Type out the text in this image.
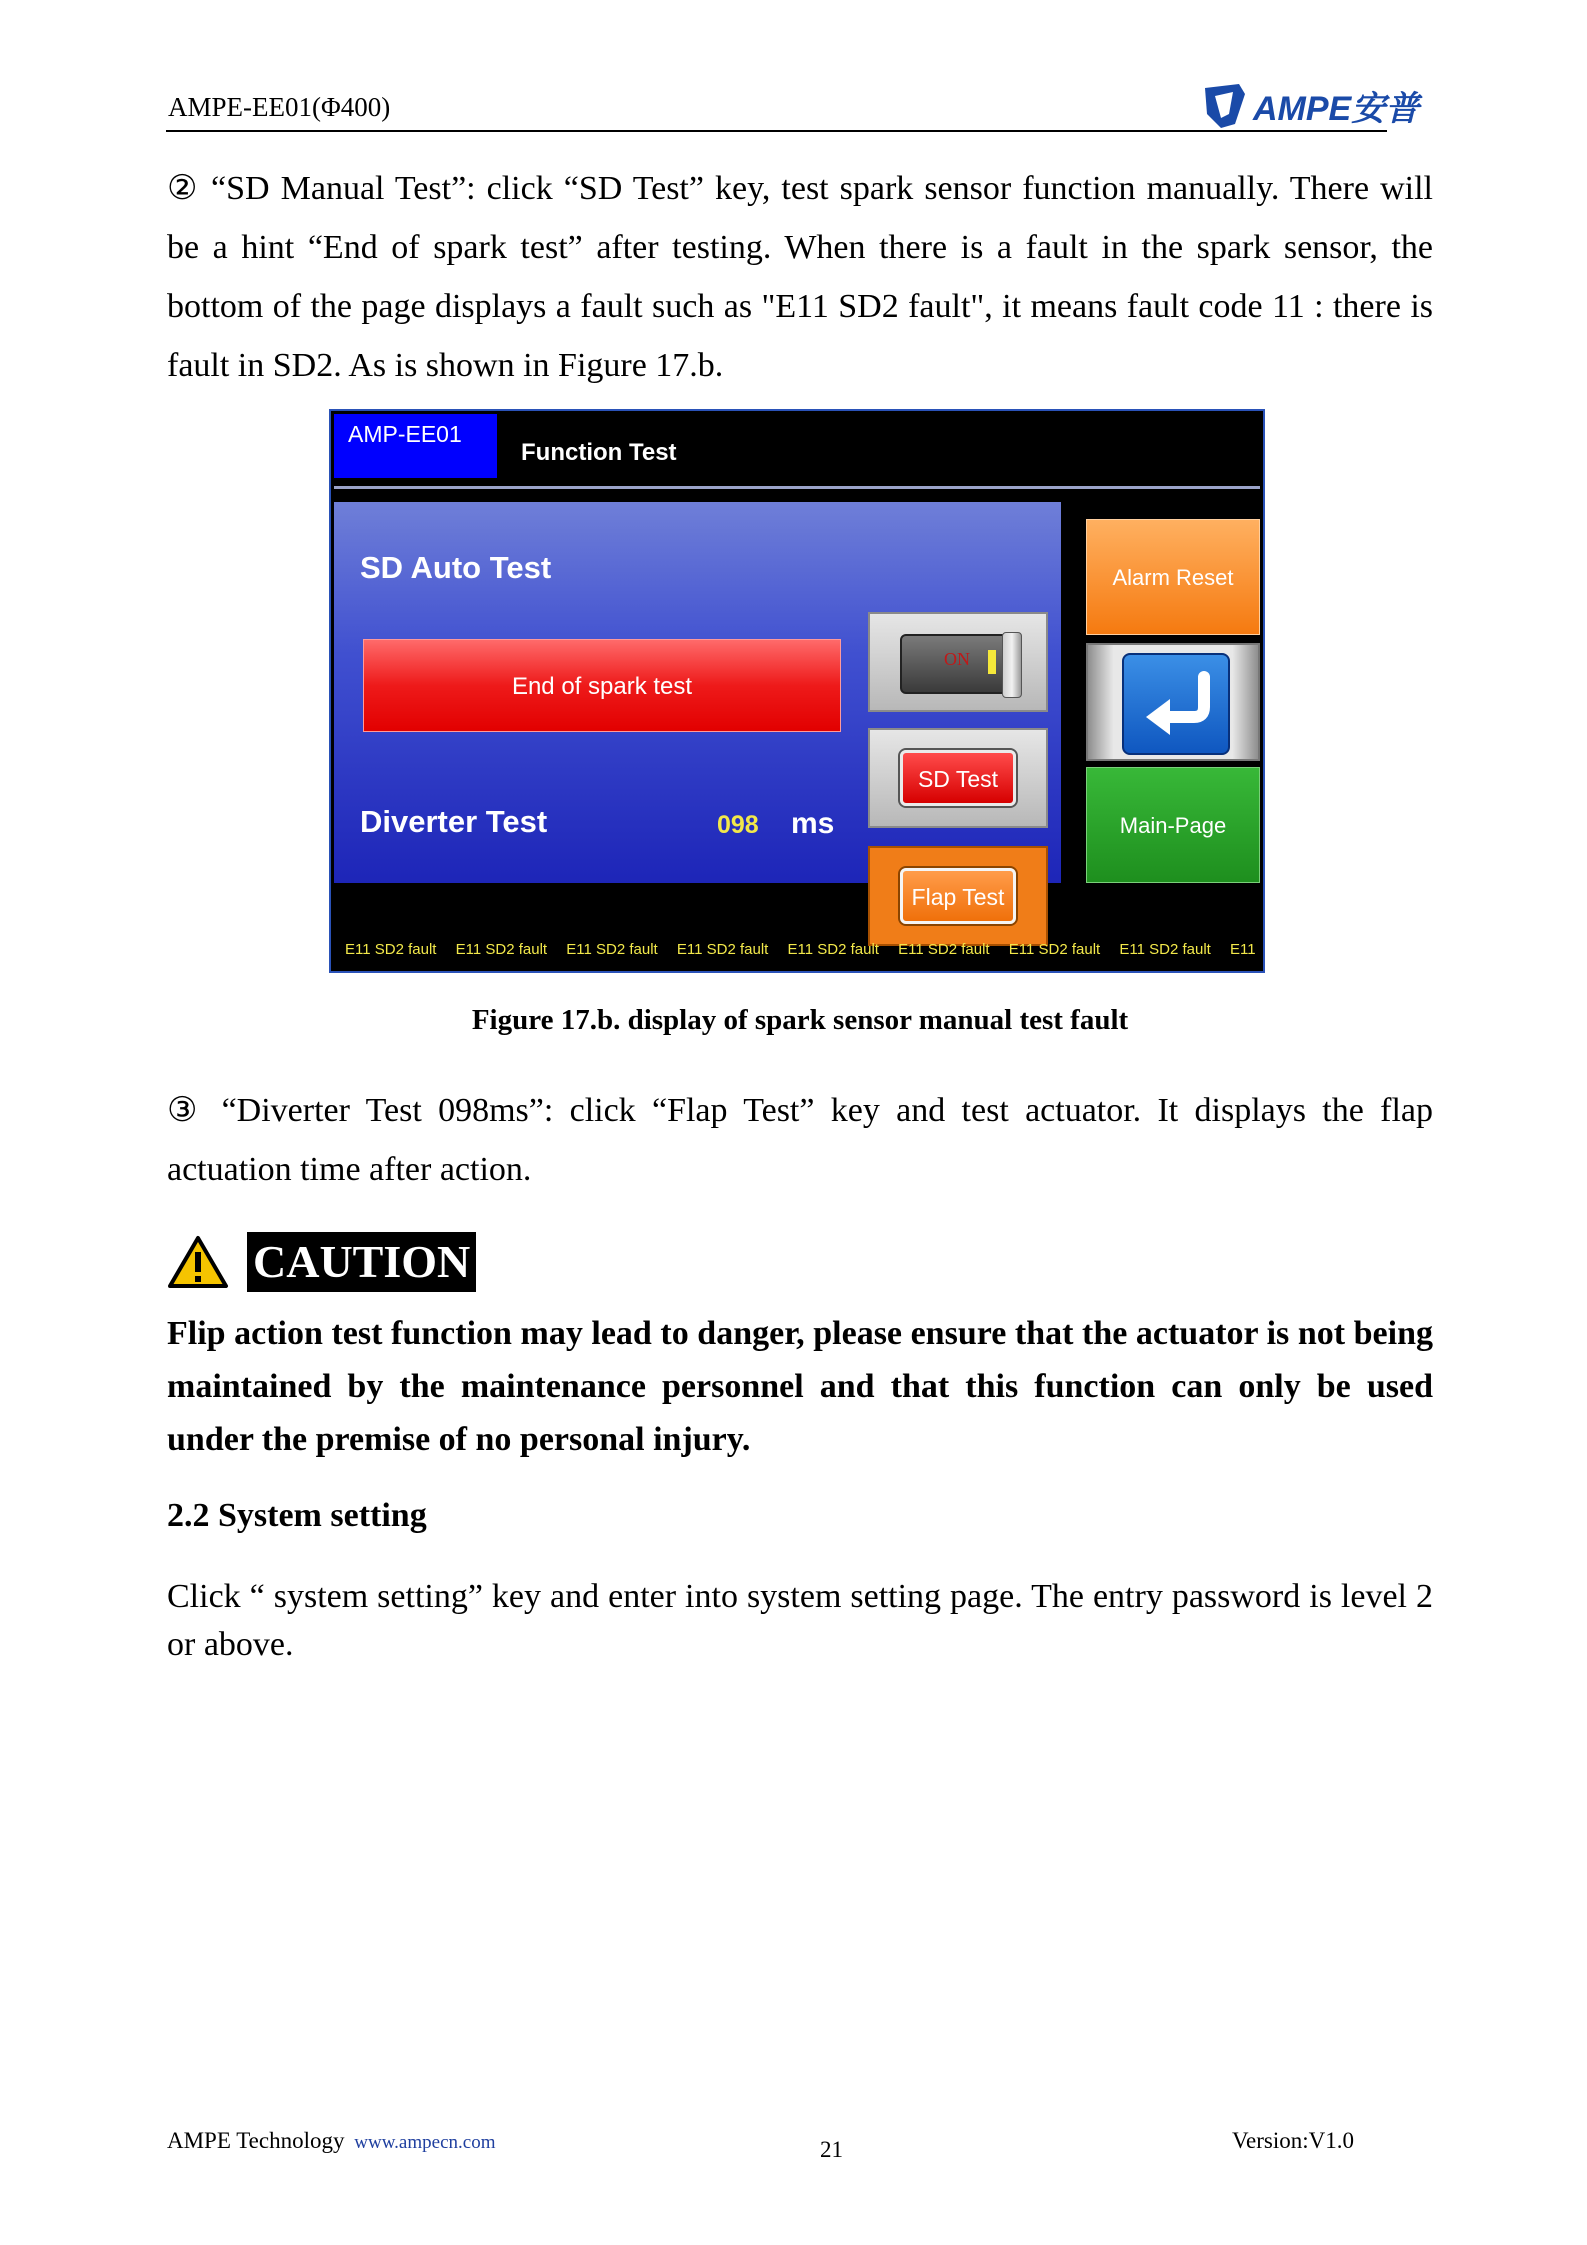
AMPE-EE01(Φ400)	AMPE安普
② “SD Manual Test”: click “SD Test” key, test spark sensor function manually. There will be a hint “End of spark test” after testing. When there is a fault in the spark sensor, the bottom of the page displays a fault such as "E11 SD2 fault", it means fault code 11 : there is fault in SD2. As is shown in Figure 17.b.
AMP-EE01
Function Test
SD Auto Test
End of spark test
Diverter Test	098 ms
ON
SD Test
Flap Test
Alarm Reset
Main-Page
E11 SD2 fault E11 SD2 fault E11 SD2 fault E11 SD2 fault E11 SD2 fault E11 SD2 fault E11 SD2 fault E11 SD2 fault E11
Figure 17.b. display of spark sensor manual test fault
③ “Diverter Test 098ms”: click “Flap Test” key and test actuator. It displays the flap actuation time after action.
CAUTION
Flip action test function may lead to danger, please ensure that the actuator is not being maintained by the maintenance personnel and that this function can only be used under the premise of no personal injury.
2.2 System setting
Click “ system setting” key and enter into system setting page. The entry password is level 2 or above.
AMPE Technology www.ampecn.com	21	Version:V1.0
